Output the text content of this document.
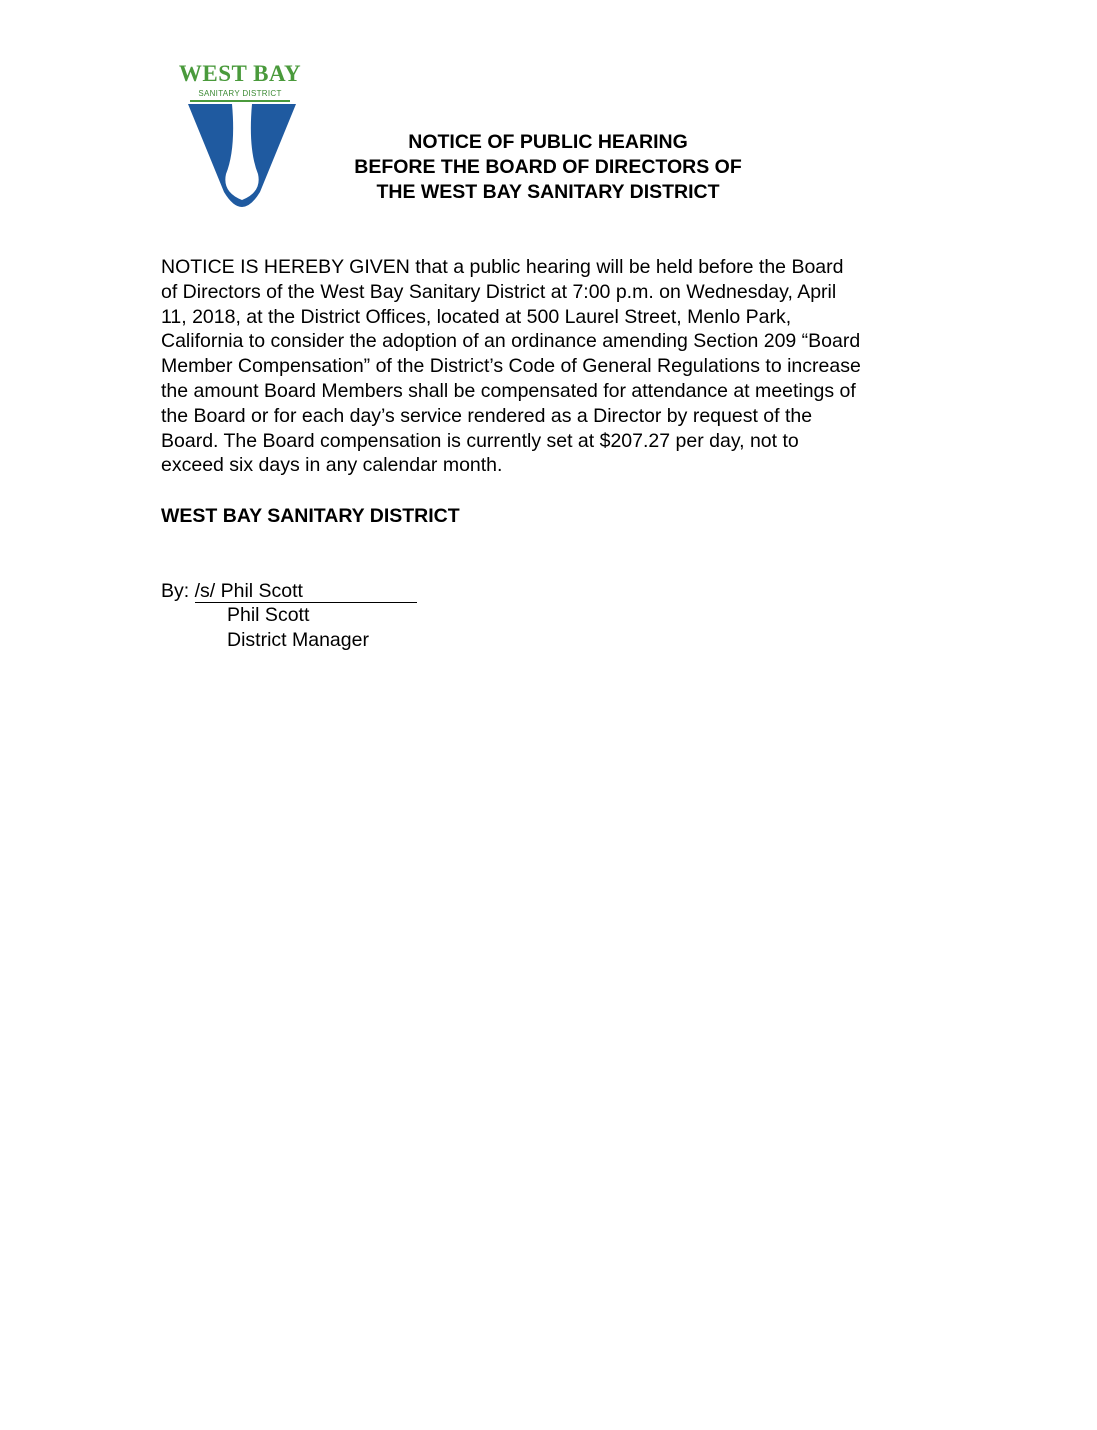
WEST BAY
SANITARY DISTRICT
NOTICE OF PUBLIC HEARING
BEFORE THE BOARD OF DIRECTORS OF
THE WEST BAY SANITARY DISTRICT
NOTICE IS HEREBY GIVEN that a public hearing will be held before the Board
of Directors of the West Bay Sanitary District at 7:00 p.m. on Wednesday, April
11, 2018, at the District Offices, located at 500 Laurel Street, Menlo Park,
California to consider the adoption of an ordinance amending Section 209 “Board
Member Compensation” of the District’s Code of General Regulations to increase
the amount Board Members shall be compensated for attendance at meetings of
the Board or for each day’s service rendered as a Director by request of the
Board. The Board compensation is currently set at $207.27 per day, not to
exceed six days in any calendar month.
WEST BAY SANITARY DISTRICT
By: /s/ Phil Scott
Phil Scott
District Manager
